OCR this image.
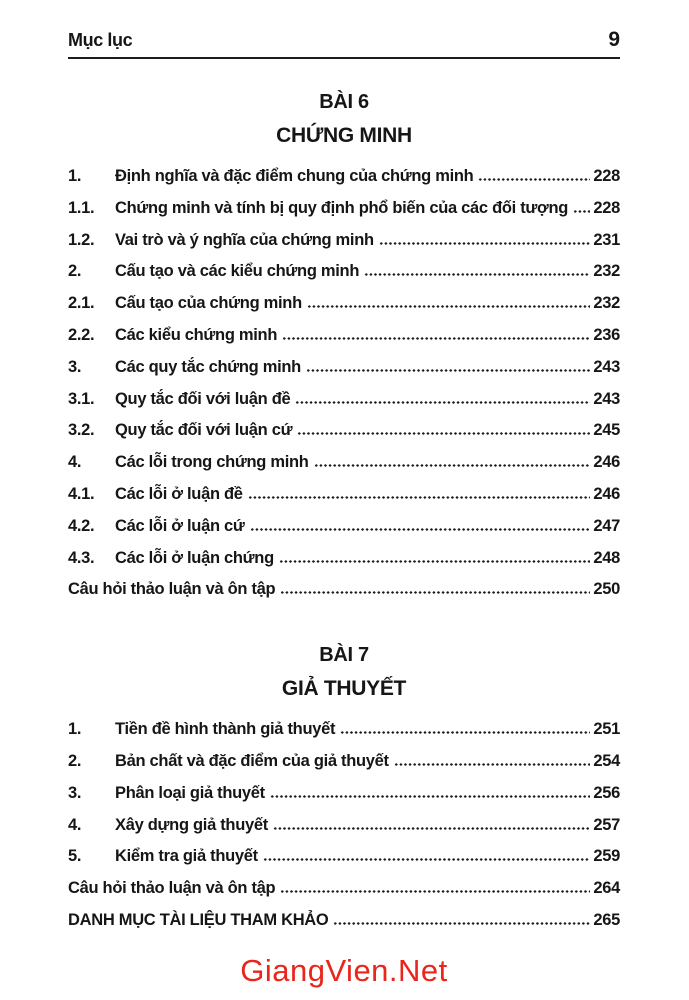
Mục lục	9
BÀI 6
CHỨNG MINH
1.	Định nghĩa và đặc điểm chung của chứng minh	228
1.1.	Chứng minh và tính bị quy định phổ biến của các đối tượng 228
1.2.	Vai trò và ý nghĩa của chứng minh	231
2.	Cấu tạo và các kiểu chứng minh	232
2.1.	Cấu tạo của chứng minh	232
2.2.	Các kiểu chứng minh	236
3.	Các quy tắc chứng minh	243
3.1.	Quy tắc đối với luận đề	243
3.2.	Quy tắc đối với luận cứ	245
4.	Các lỗi trong chứng minh	246
4.1.	Các lỗi ở luận đề	246
4.2.	Các lỗi ở luận cứ	247
4.3.	Các lỗi ở luận chứng	248
Câu hỏi thảo luận và ôn tập	250
BÀI 7
GIẢ THUYẾT
1.	Tiền đề hình thành giả thuyết	251
2.	Bản chất và đặc điểm của giả thuyết	254
3.	Phân loại giả thuyết	256
4.	Xây dựng giả thuyết	257
5.	Kiểm tra giả thuyết	259
Câu hỏi thảo luận và ôn tập	264
DANH MỤC TÀI LIỆU THAM KHẢO	265
GiangVien.Net
